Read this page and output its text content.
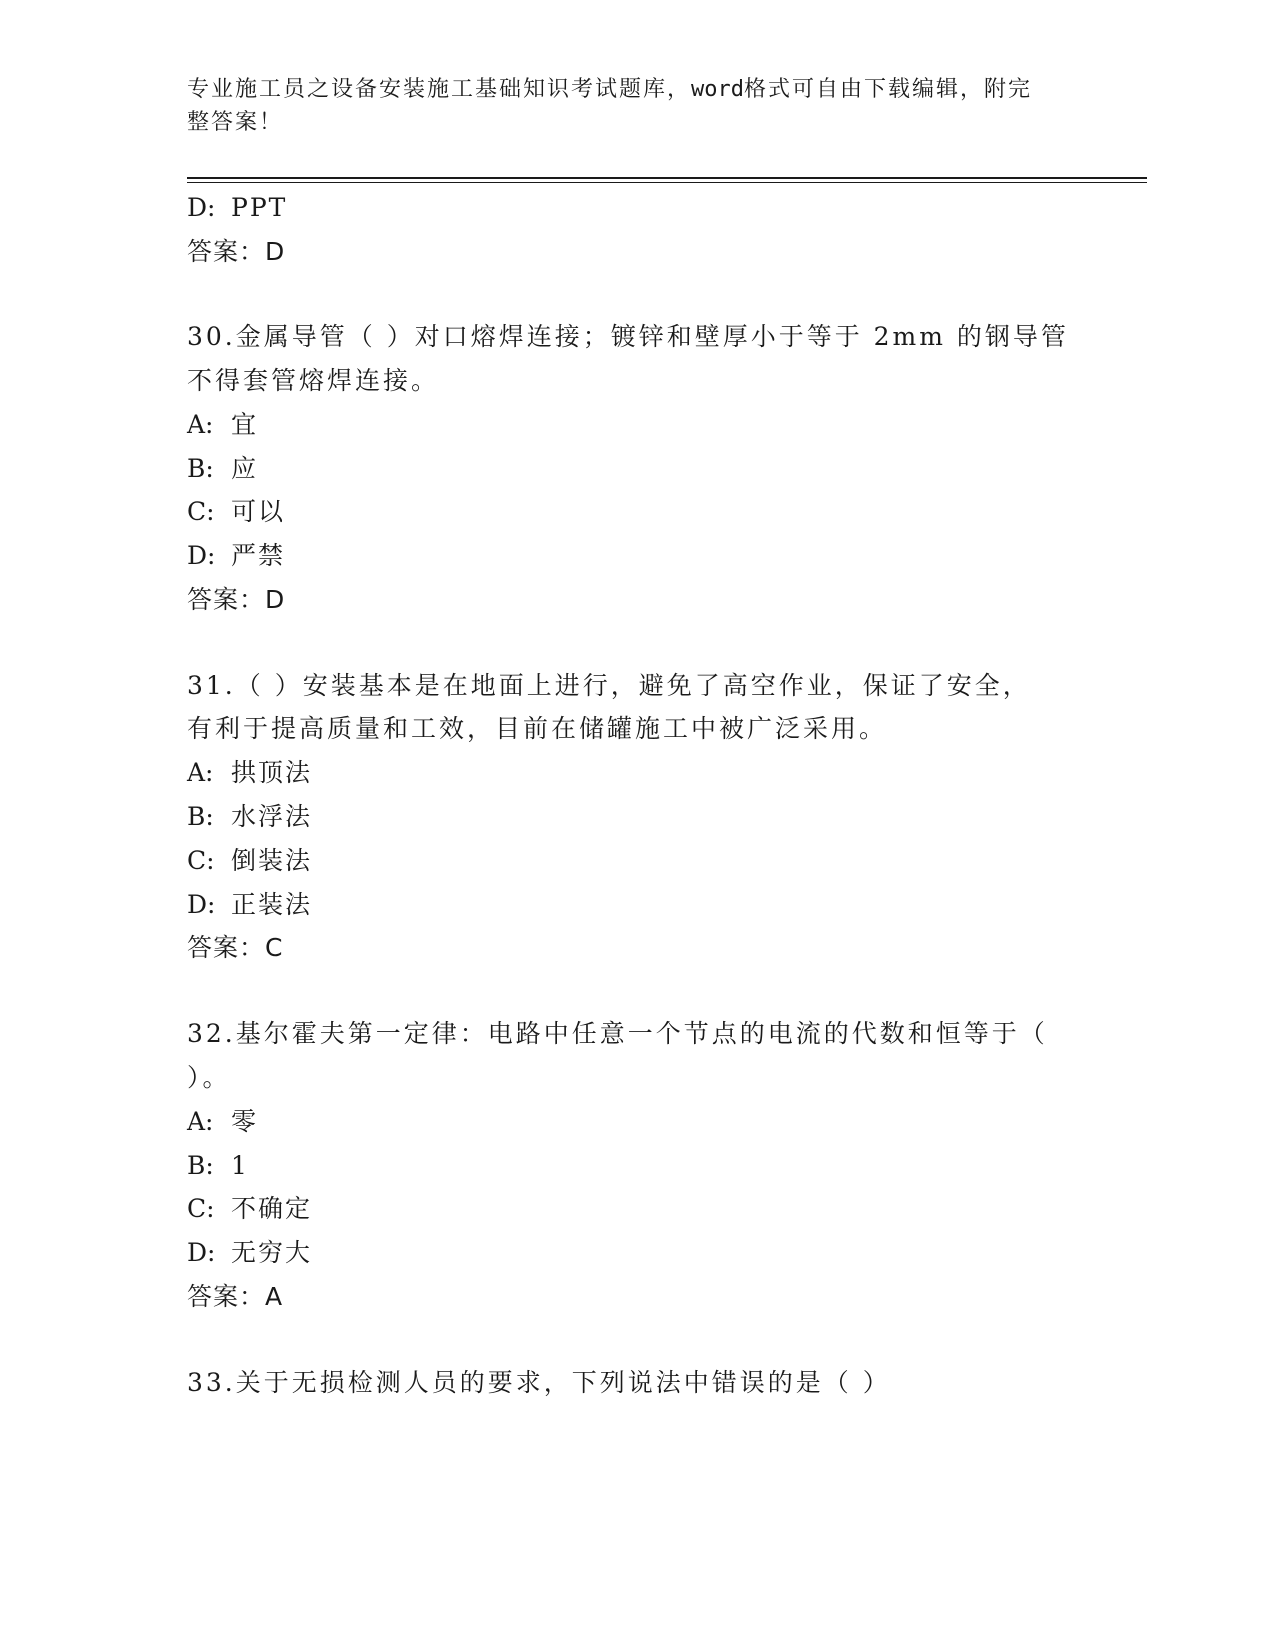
专业施工员之设备安装施工基础知识考试题库，word格式可自由下载编辑，附完
整答案！
D: PPT
答案：D
30.金属导管（ ）对口熔焊连接；镀锌和壁厚小于等于 2mm 的钢导管
不得套管熔焊连接。
A: 宜
B: 应
C: 可以
D: 严禁
答案：D
31.（ ）安装基本是在地面上进行，避免了高空作业，保证了安全，
有利于提高质量和工效，目前在储罐施工中被广泛采用。
A: 拱顶法
B: 水浮法
C: 倒装法
D: 正装法
答案：C
32.基尔霍夫第一定律：电路中任意一个节点的电流的代数和恒等于（
）。
A: 零
B: 1
C: 不确定
D: 无穷大
答案：A
33.关于无损检测人员的要求，下列说法中错误的是（ ）
